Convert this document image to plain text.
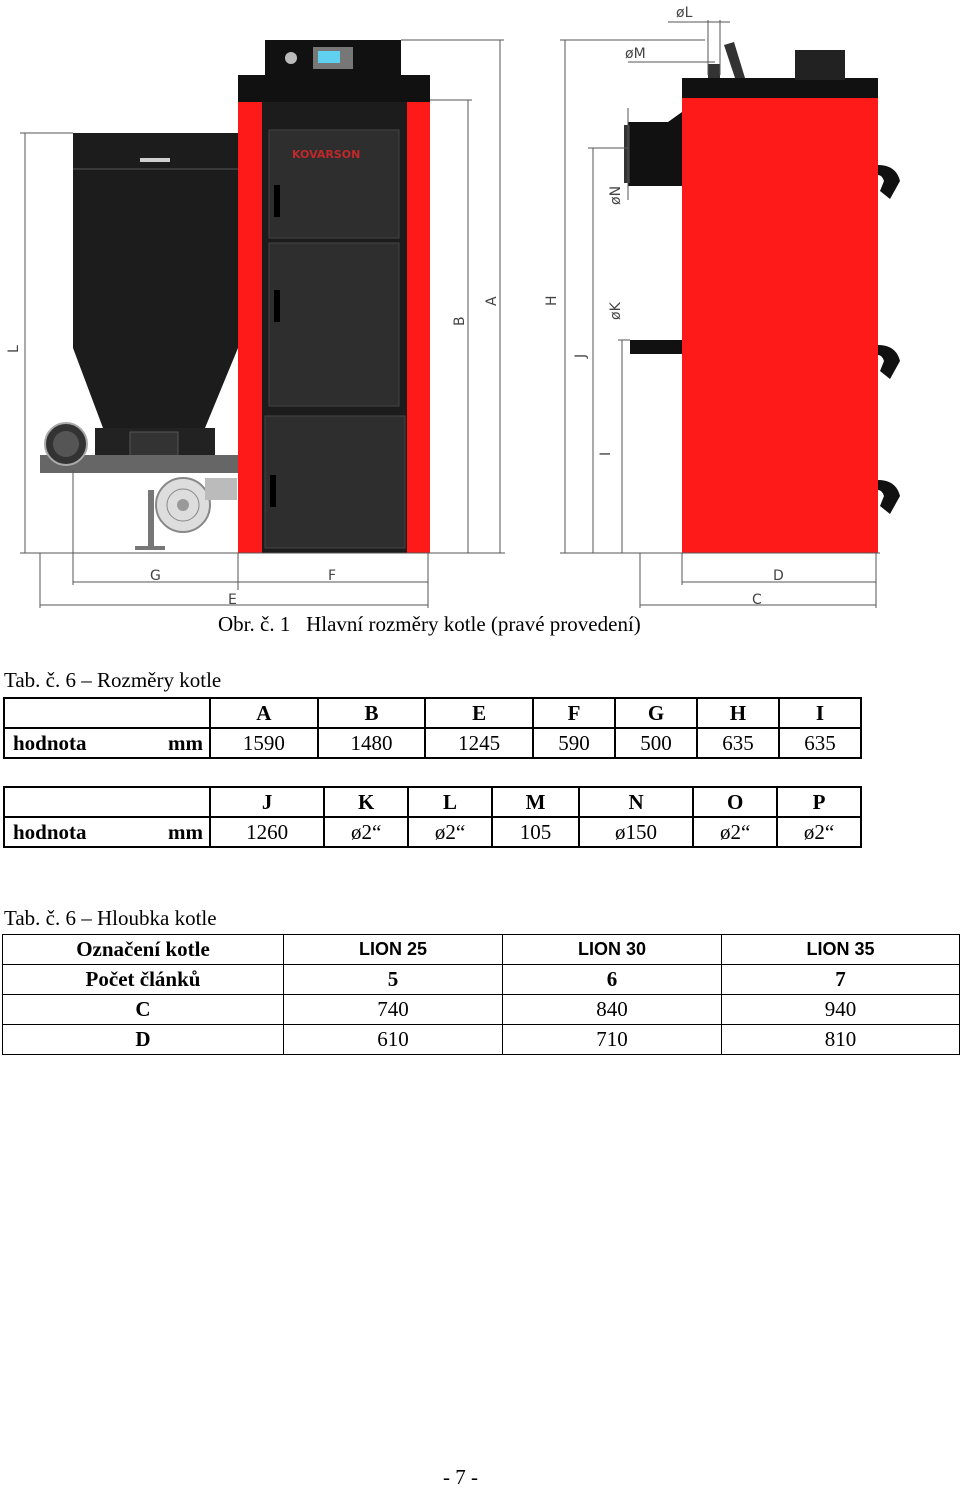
KOVARSON
L
B
A
G	F
E
H
J
I
øK
øN
øM
øL
D
C
Obr. č. 1   Hlavní rozměry kotle (pravé provedení)
Tab. č. 6 – Rozměry kotle
		A	B	E	F	G	H	I
hodnota	mm	1590	1480	1245	590	500	635	635
		J	K	L	M	N	O	P
hodnota	mm	1260	ø2“	ø2“	105	ø150	ø2“	ø2“
Tab. č. 6 – Hloubka kotle
Označení kotle	LION 25	LION 30	LION 35
Počet článků	5	6	7
C	740	840	940
D	610	710	810
- 7 -
